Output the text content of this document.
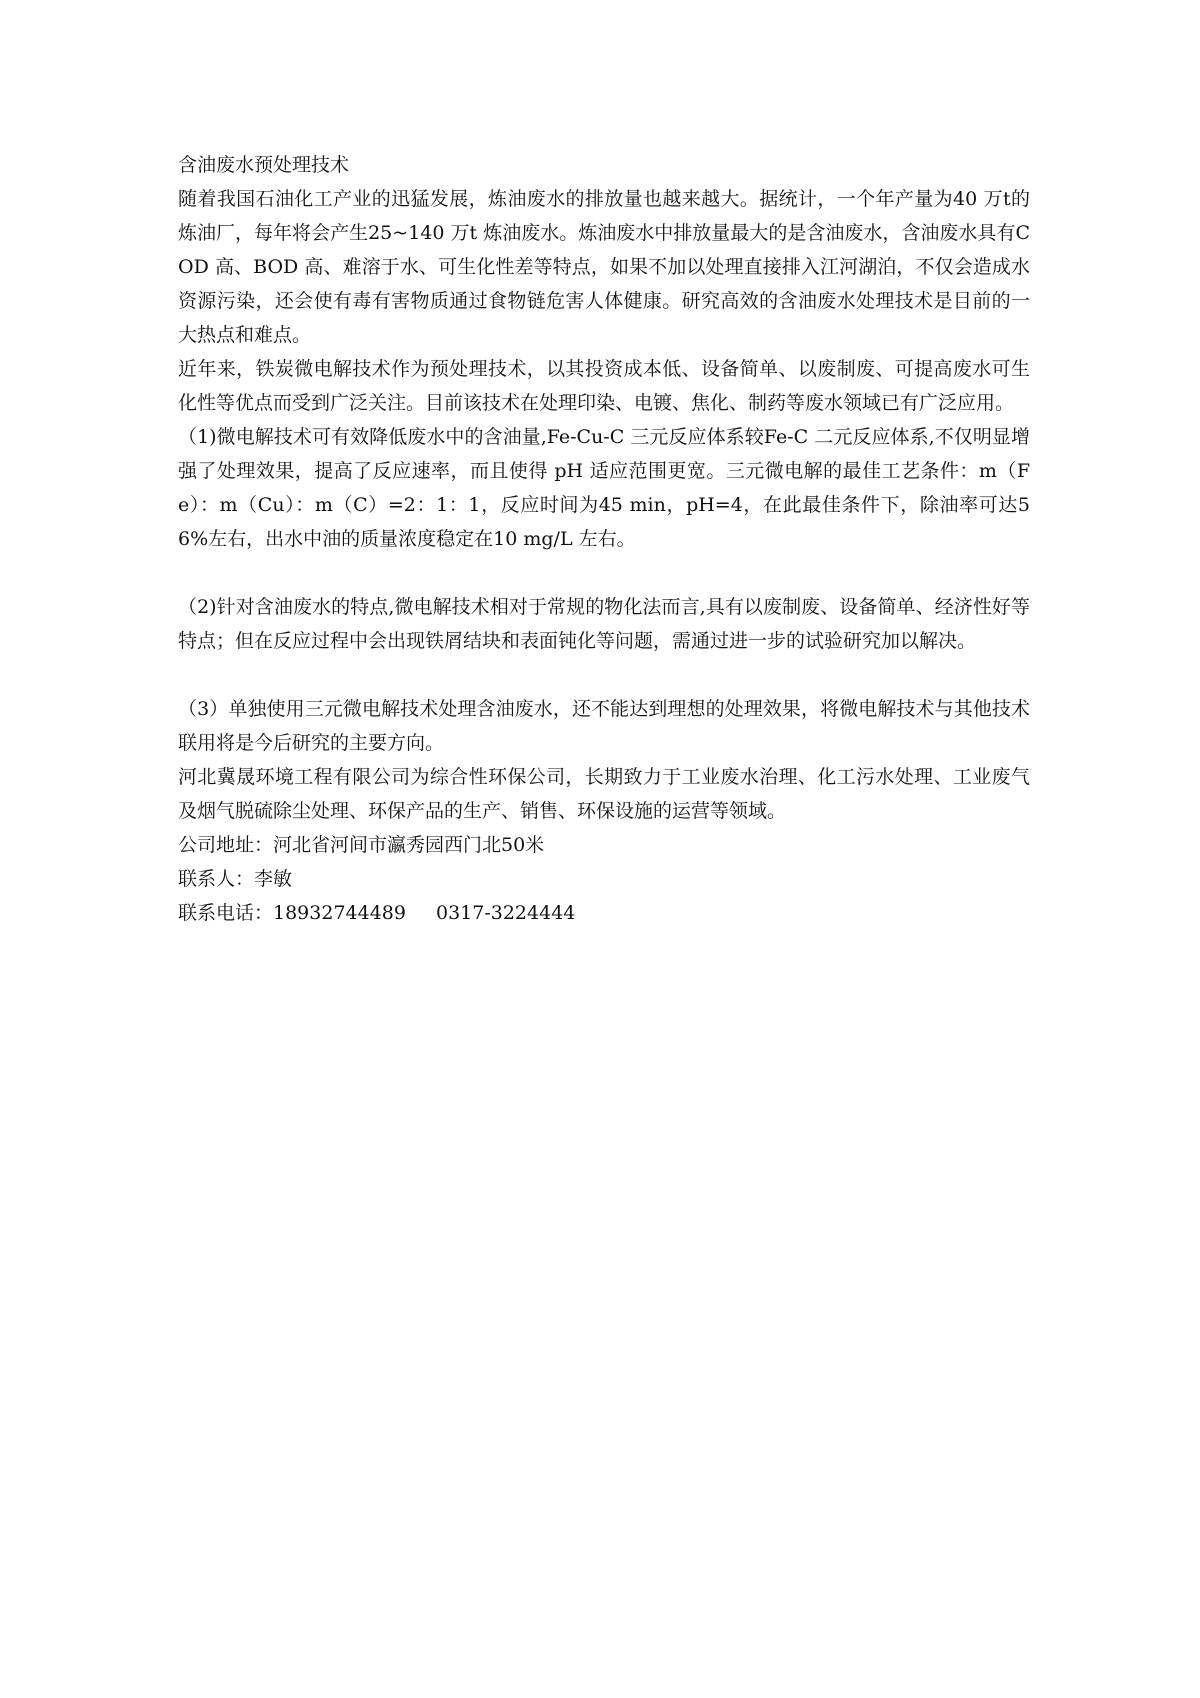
含油废水预处理技术

随着我国石油化工产业的迅猛发展，炼油废水的排放量也越来越大。据统计，一个年产量为40 万t的炼油厂，每年将会产生25~140 万t 炼油废水。炼油废水中排放量最大的是含油废水，含油废水具有COD 高、BOD 高、难溶于水、可生化性差等特点，如果不加以处理直接排入江河湖泊，不仅会造成水资源污染，还会使有毒有害物质通过食物链危害人体健康。研究高效的含油废水处理技术是目前的一大热点和难点。

近年来，铁炭微电解技术作为预处理技术，以其投资成本低、设备简单、以废制废、可提高废水可生化性等优点而受到广泛关注。目前该技术在处理印染、电镀、焦化、制药等废水领域已有广泛应用。

（1)微电解技术可有效降低废水中的含油量,Fe-Cu-C 三元反应体系较Fe-C 二元反应体系,不仅明显增强了处理效果，提高了反应速率，而且使得 pH 适应范围更宽。三元微电解的最佳工艺条件：m（Fe）：m（Cu）：m（C）=2：1：1，反应时间为45 min，pH=4，在此最佳条件下，除油率可达56%左右，出水中油的质量浓度稳定在10 mg/L 左右。

（2)针对含油废水的特点,微电解技术相对于常规的物化法而言,具有以废制废、设备简单、经济性好等特点；但在反应过程中会出现铁屑结块和表面钝化等问题，需通过进一步的试验研究加以解决。

（3）单独使用三元微电解技术处理含油废水，还不能达到理想的处理效果，将微电解技术与其他技术联用将是今后研究的主要方向。

河北冀晟环境工程有限公司为综合性环保公司，长期致力于工业废水治理、化工污水处理、工业废气及烟气脱硫除尘处理、环保产品的生产、销售、环保设施的运营等领域。

公司地址：河北省河间市瀛秀园西门北50米

联系人：李敏

联系电话：18932744489 0317-3224444
